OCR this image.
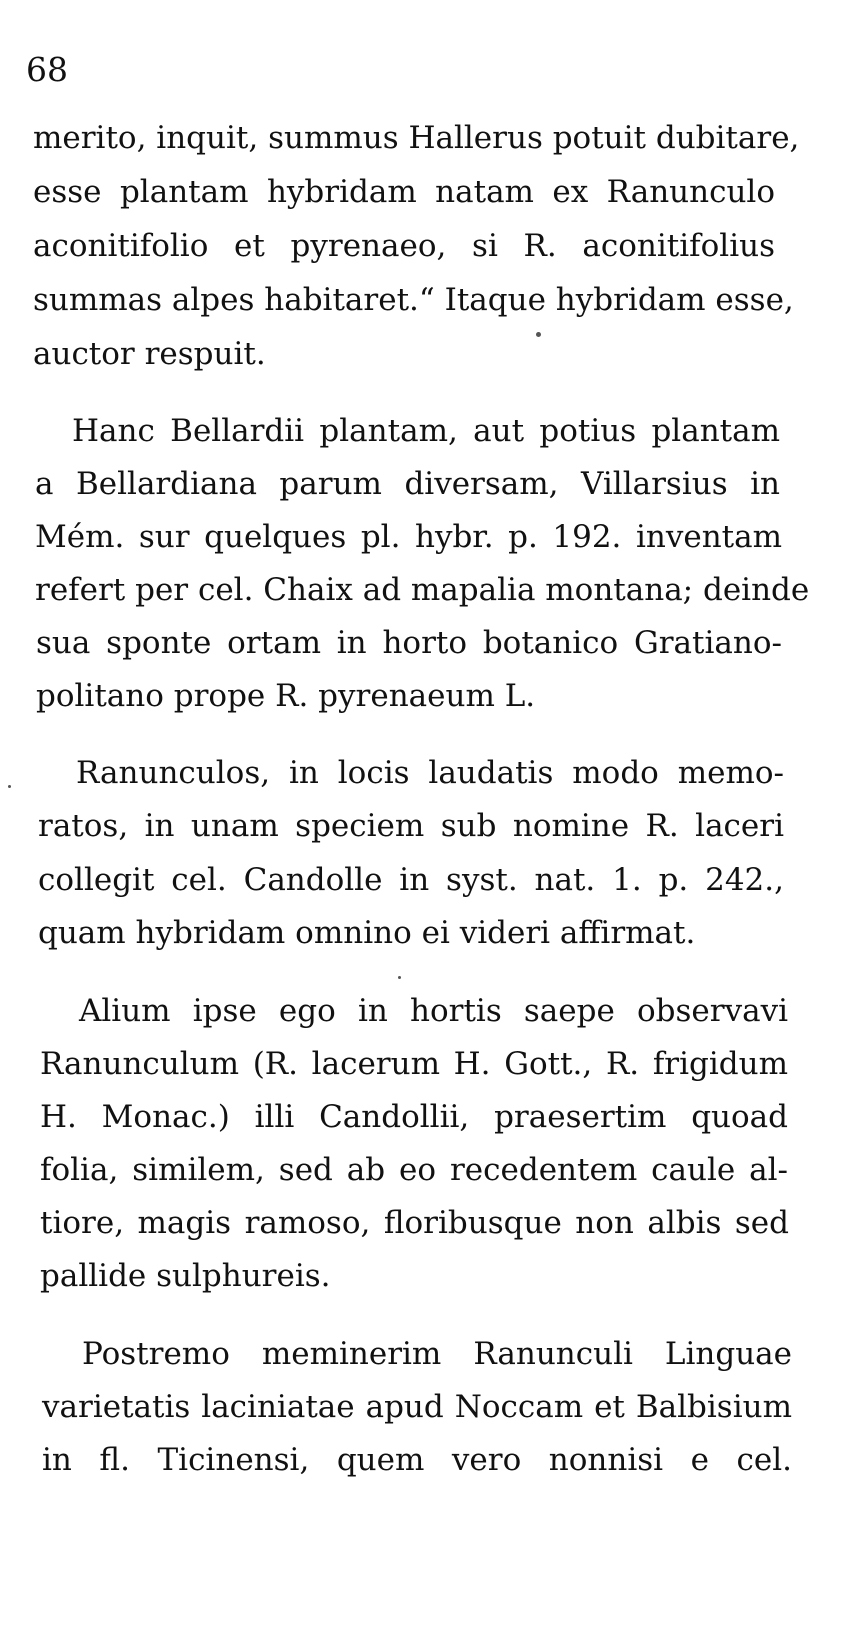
68
merito, inquit, summus Hallerus potuit dubitare,
esse plantam hybridam natam ex Ranunculo
aconitifolio et pyrenaeo, si R. aconitifolius
summas alpes habitaret.“ Itaque hybridam esse,
auctor respuit.
Hanc Bellardii plantam, aut potius plantam
a Bellardiana parum diversam, Villarsius in
Mém. sur quelques pl. hybr. p. 192. inventam
refert per cel. Chaix ad mapalia montana; deinde
sua sponte ortam in horto botanico Gratiano-
politano prope R. pyrenaeum L.
Ranunculos, in locis laudatis modo memo-
ratos, in unam speciem sub nomine R. laceri
collegit cel. Candolle in syst. nat. 1. p. 242.,
quam hybridam omnino ei videri affirmat.
Alium ipse ego in hortis saepe observavi
Ranunculum (R. lacerum H. Gott., R. frigidum
H. Monac.) illi Candollii, praesertim quoad
folia, similem, sed ab eo recedentem caule al-
tiore, magis ramoso, floribusque non albis sed
pallide sulphureis.
Postremo meminerim Ranunculi Linguae
varietatis laciniatae apud Noccam et Balbisium
in fl. Ticinensi, quem vero nonnisi e cel.
